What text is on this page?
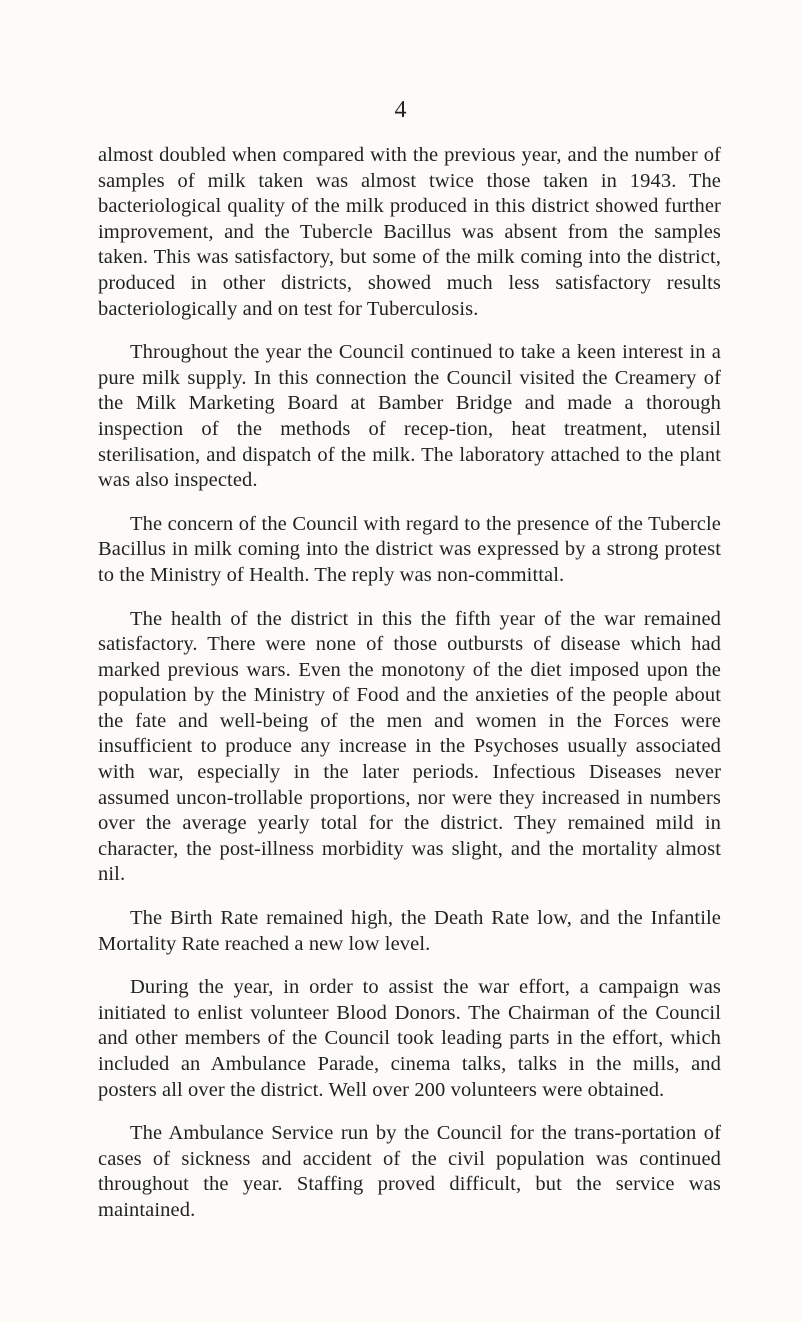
4

almost doubled when compared with the previous year, and the number of samples of milk taken was almost twice those taken in 1943. The bacteriological quality of the milk produced in this district showed further improvement, and the Tubercle Bacillus was absent from the samples taken. This was satisfactory, but some of the milk coming into the district, produced in other districts, showed much less satisfactory results bacteriologically and on test for Tuberculosis.

Throughout the year the Council continued to take a keen interest in a pure milk supply. In this connection the Council visited the Creamery of the Milk Marketing Board at Bamber Bridge and made a thorough inspection of the methods of recep-tion, heat treatment, utensil sterilisation, and dispatch of the milk. The laboratory attached to the plant was also inspected.

The concern of the Council with regard to the presence of the Tubercle Bacillus in milk coming into the district was expressed by a strong protest to the Ministry of Health. The reply was non-committal.

The health of the district in this the fifth year of the war remained satisfactory. There were none of those outbursts of disease which had marked previous wars. Even the monotony of the diet imposed upon the population by the Ministry of Food and the anxieties of the people about the fate and well-being of the men and women in the Forces were insufficient to produce any increase in the Psychoses usually associated with war, especially in the later periods. Infectious Diseases never assumed uncon-trollable proportions, nor were they increased in numbers over the average yearly total for the district. They remained mild in character, the post-illness morbidity was slight, and the mortality almost nil.

The Birth Rate remained high, the Death Rate low, and the Infantile Mortality Rate reached a new low level.

During the year, in order to assist the war effort, a campaign was initiated to enlist volunteer Blood Donors. The Chairman of the Council and other members of the Council took leading parts in the effort, which included an Ambulance Parade, cinema talks, talks in the mills, and posters all over the district. Well over 200 volunteers were obtained.

The Ambulance Service run by the Council for the trans-portation of cases of sickness and accident of the civil population was continued throughout the year. Staffing proved difficult, but the service was maintained.
